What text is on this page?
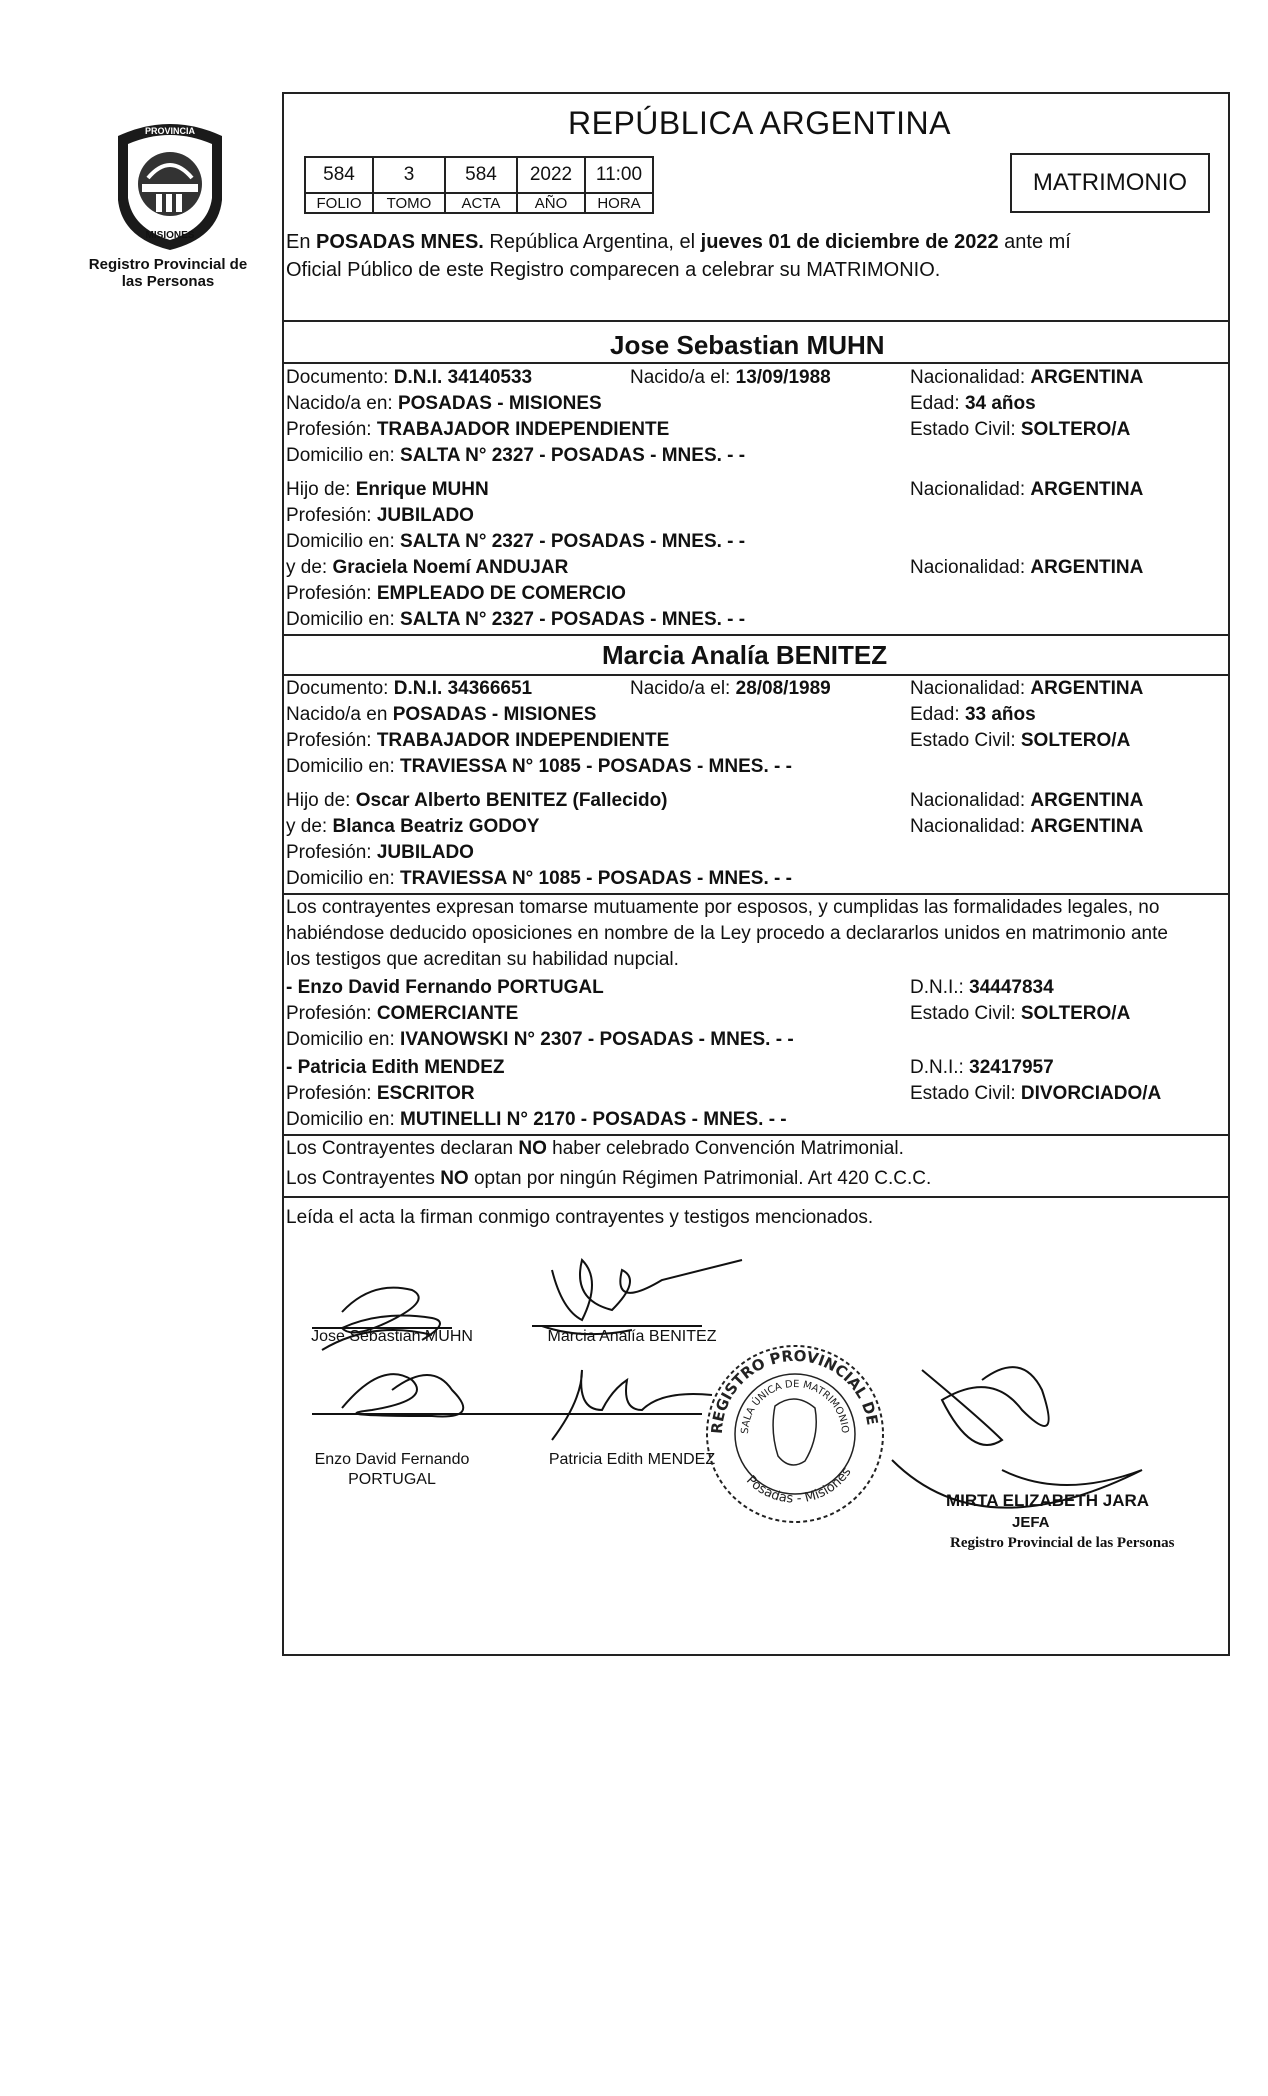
PROVINCIA DE
MISIONES
Registro Provincial de las Personas
REPÚBLICA ARGENTINA
584	3	584	2022	11:00
FOLIO	TOMO	ACTA	AÑO	HORA
MATRIMONIO
En POSADAS MNES. República Argentina, el jueves 01 de diciembre de 2022 ante mí
Oficial Público de este Registro comparecen a celebrar su MATRIMONIO.
Jose Sebastian MUHN
Documento: D.N.I. 34140533	Nacido/a el: 13/09/1988	Nacionalidad: ARGENTINA
Nacido/a en: POSADAS - MISIONES	Edad: 34 años
Profesión: TRABAJADOR INDEPENDIENTE	Estado Civil: SOLTERO/A
Domicilio en: SALTA N° 2327 - POSADAS - MNES. - -
Hijo de: Enrique MUHN	Nacionalidad: ARGENTINA
Profesión: JUBILADO
Domicilio en: SALTA N° 2327 - POSADAS - MNES. - -
y de: Graciela Noemí ANDUJAR	Nacionalidad: ARGENTINA
Profesión: EMPLEADO DE COMERCIO
Domicilio en: SALTA N° 2327 - POSADAS - MNES. - -
Marcia Analía BENITEZ
Documento: D.N.I. 34366651	Nacido/a el: 28/08/1989	Nacionalidad: ARGENTINA
Nacido/a en POSADAS - MISIONES	Edad: 33 años
Profesión: TRABAJADOR INDEPENDIENTE	Estado Civil: SOLTERO/A
Domicilio en: TRAVIESSA N° 1085 - POSADAS - MNES. - -
Hijo de: Oscar Alberto BENITEZ (Fallecido)	Nacionalidad: ARGENTINA
y de: Blanca Beatriz GODOY	Nacionalidad: ARGENTINA
Profesión: JUBILADO
Domicilio en: TRAVIESSA N° 1085 - POSADAS - MNES. - -
Los contrayentes expresan tomarse mutuamente por esposos, y cumplidas las formalidades legales, no
habiéndose deducido oposiciones en nombre de la Ley procedo a declararlos unidos en matrimonio ante
los testigos que acreditan su habilidad nupcial.
- Enzo David Fernando PORTUGAL	D.N.I.: 34447834
Profesión: COMERCIANTE	Estado Civil: SOLTERO/A
Domicilio en: IVANOWSKI N° 2307 - POSADAS - MNES. - -
- Patricia Edith MENDEZ	D.N.I.: 32417957
Profesión: ESCRITOR	Estado Civil: DIVORCIADO/A
Domicilio en: MUTINELLI N° 2170 - POSADAS - MNES. - -
Los Contrayentes declaran NO haber celebrado Convención Matrimonial.
Los Contrayentes NO optan por ningún Régimen Patrimonial. Art 420 C.C.C.
Leída el acta la firman conmigo contrayentes y testigos mencionados.
Jose Sebastian MUHN	Marcia Analía BENITEZ
Enzo David Fernando
PORTUGAL
Patricia Edith MENDEZ
REGISTRO PROVINCIAL DE
SALA ÚNICA DE MATRIMONIO
Posadas - Misiones
MIRTA ELIZABETH JARA
JEFA
Registro Provincial de las Personas
